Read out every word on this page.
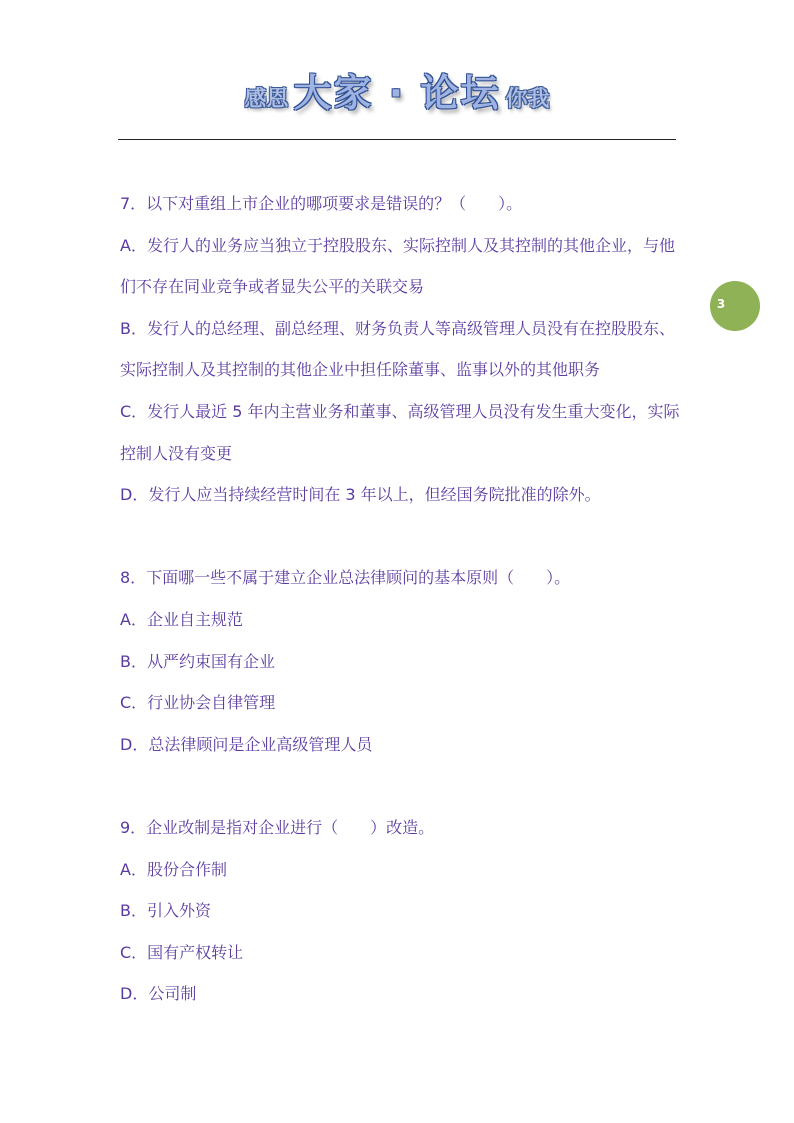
感恩 大家 · 论坛 你我
3
7．以下对重组上市企业的哪项要求是错误的？（　　）。
A．发行人的业务应当独立于控股股东、实际控制人及其控制的其他企业，与他
们不存在同业竞争或者显失公平的关联交易
B．发行人的总经理、副总经理、财务负责人等高级管理人员没有在控股股东、
实际控制人及其控制的其他企业中担任除董事、监事以外的其他职务
C．发行人最近 5 年内主营业务和董事、高级管理人员没有发生重大变化，实际
控制人没有变更
D．发行人应当持续经营时间在 3 年以上，但经国务院批准的除外。
8．下面哪一些不属于建立企业总法律顾问的基本原则（　　）。
A．企业自主规范
B．从严约束国有企业
C．行业协会自律管理
D．总法律顾问是企业高级管理人员
9．企业改制是指对企业进行（　　）改造。
A．股份合作制
B．引入外资
C．国有产权转让
D．公司制
